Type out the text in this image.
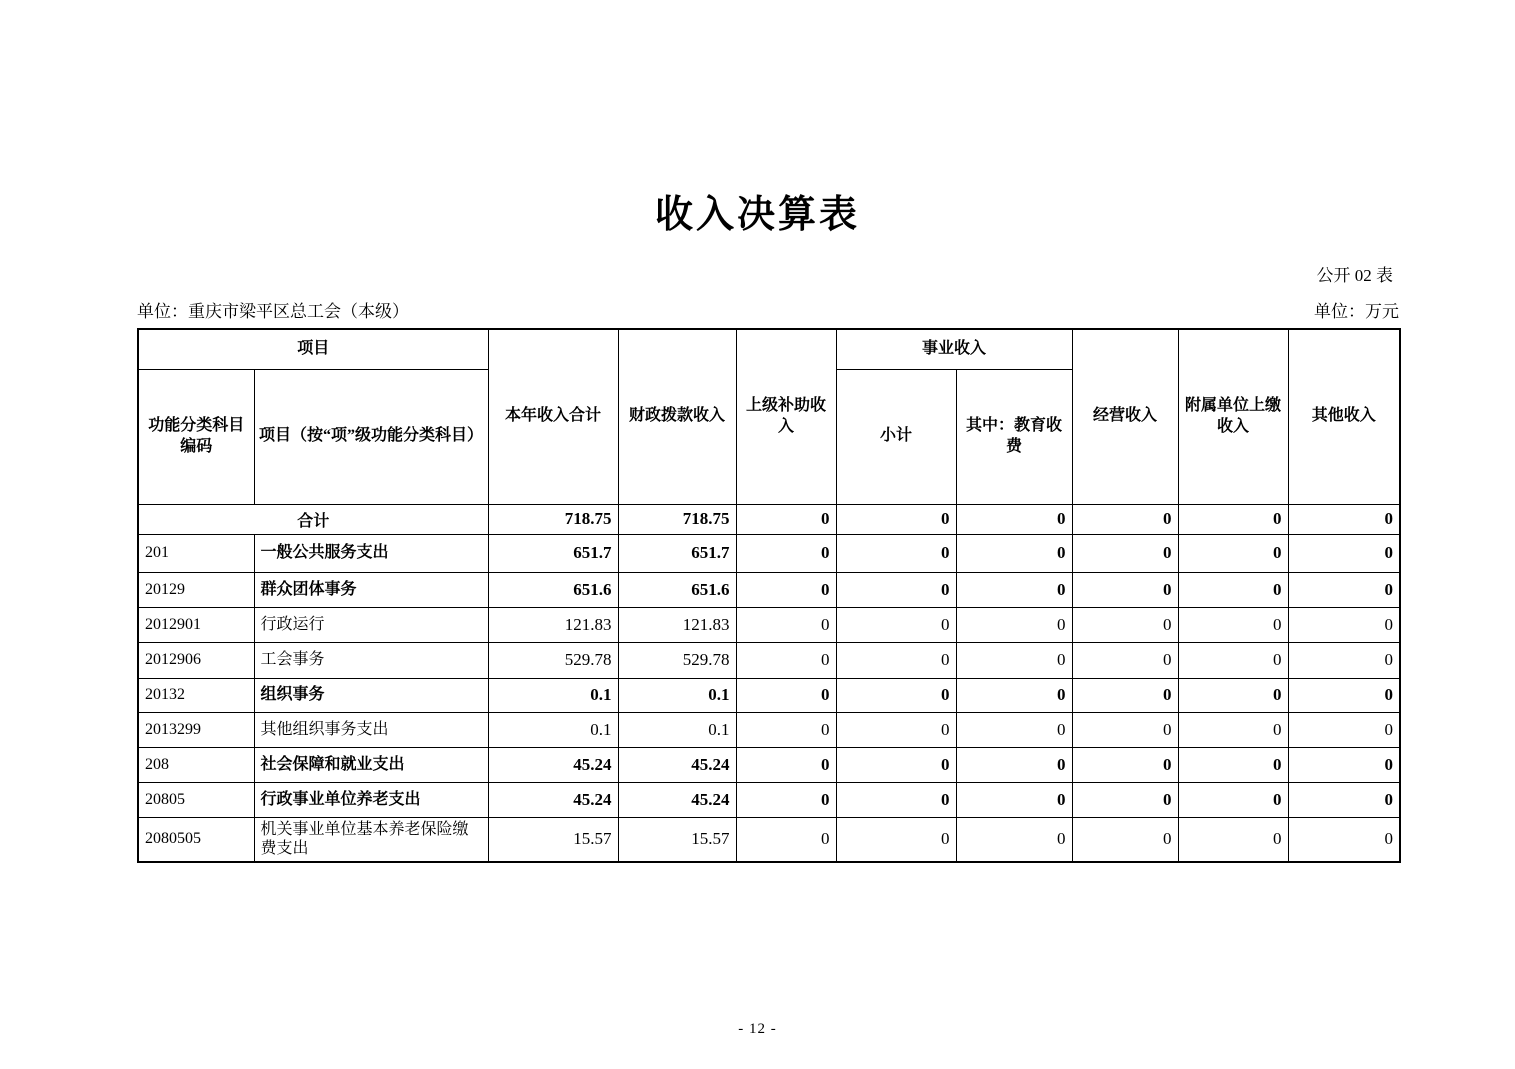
收入决算表
公开 02 表
单位：重庆市梁平区总工会（本级）	单位：万元
项目		本年收入合计	财政拨款收入	上级补助收入	事业收入		经营收入	附属单位上缴收入	其他收入
功能分类科目编码	项目（按“项”级功能分类科目）				小计	其中：教育收费			
合计		718.75	718.75	0	0	0	0	0	0
201	一般公共服务支出	651.7	651.7	0	0	0	0	0	0
20129	群众团体事务	651.6	651.6	0	0	0	0	0	0
2012901	行政运行	121.83	121.83	0	0	0	0	0	0
2012906	工会事务	529.78	529.78	0	0	0	0	0	0
20132	组织事务	0.1	0.1	0	0	0	0	0	0
2013299	其他组织事务支出	0.1	0.1	0	0	0	0	0	0
208	社会保障和就业支出	45.24	45.24	0	0	0	0	0	0
20805	行政事业单位养老支出	45.24	45.24	0	0	0	0	0	0
2080505	机关事业单位基本养老保险缴费支出	15.57	15.57	0	0	0	0	0	0
- 12 -
